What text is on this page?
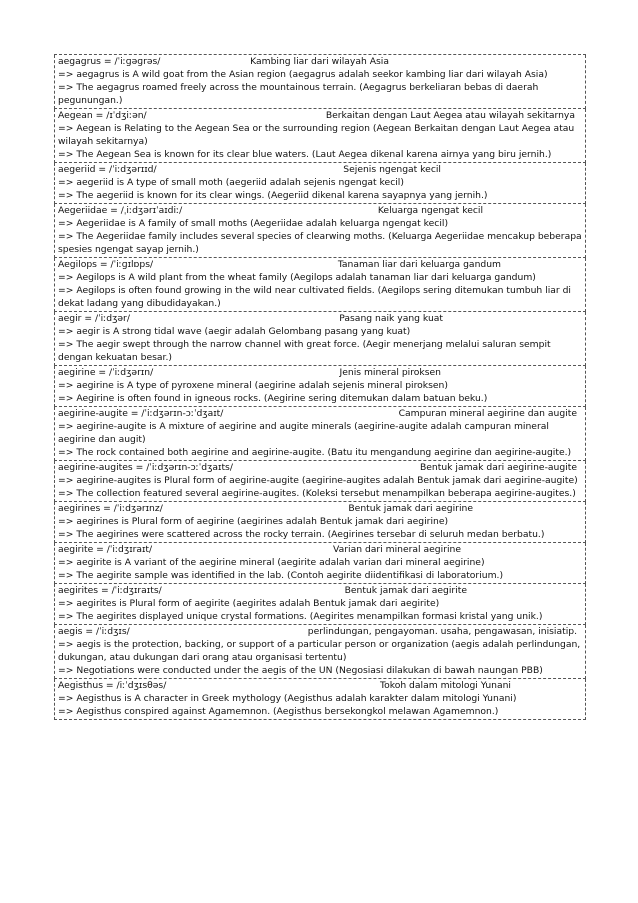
aegagrus = /ˈiːɡəɡrəs/	Kambing liar dari wilayah Asia
=> aegagrus is A wild goat from the Asian region (aegagrus adalah seekor kambing liar dari wilayah Asia)
=> The aegagrus roamed freely across the mountainous terrain. (Aegagrus berkeliaran bebas di daerah pegunungan.)
Aegean = /ɪˈdʒiːən/	Berkaitan dengan Laut Aegea atau wilayah sekitarnya
=> Aegean is Relating to the Aegean Sea or the surrounding region (Aegean Berkaitan dengan Laut Aegea atau wilayah sekitarnya)
=> The Aegean Sea is known for its clear blue waters. (Laut Aegea dikenal karena airnya yang biru jernih.)
aegeriid = /ˈiːdʒərɪɪd/	Sejenis ngengat kecil
=> aegeriid is A type of small moth (aegeriid adalah sejenis ngengat kecil)
=> The aegeriid is known for its clear wings. (Aegeriid dikenal karena sayapnya yang jernih.)
Aegeriidae = /ˌiːdʒərɪˈaɪdiː/	Keluarga ngengat kecil
=> Aegeriidae is A family of small moths (Aegeriidae adalah keluarga ngengat kecil)
=> The Aegeriidae family includes several species of clearwing moths. (Keluarga Aegeriidae mencakup beberapa spesies ngengat sayap jernih.)
Aegilops = /ˈiːɡɪlɒps/	Tanaman liar dari keluarga gandum
=> Aegilops is A wild plant from the wheat family (Aegilops adalah tanaman liar dari keluarga gandum)
=> Aegilops is often found growing in the wild near cultivated fields. (Aegilops sering ditemukan tumbuh liar di dekat ladang yang dibudidayakan.)
aegir = /ˈiːdʒər/	Pasang naik yang kuat
=> aegir is A strong tidal wave (aegir adalah Gelombang pasang yang kuat)
=> The aegir swept through the narrow channel with great force. (Aegir menerjang melalui saluran sempit dengan kekuatan besar.)
aegirine = /ˈiːdʒərɪn/	Jenis mineral piroksen
=> aegirine is A type of pyroxene mineral (aegirine adalah sejenis mineral piroksen)
=> Aegirine is often found in igneous rocks. (Aegirine sering ditemukan dalam batuan beku.)
aegirine-augite = /ˈiːdʒərɪn-ɔːˈdʒaɪt/	Campuran mineral aegirine dan augite
=> aegirine-augite is A mixture of aegirine and augite minerals (aegirine-augite adalah campuran mineral aegirine dan augit)
=> The rock contained both aegirine and aegirine-augite. (Batu itu mengandung aegirine dan aegirine-augite.)
aegirine-augites = /ˈiːdʒərɪn-ɔːˈdʒaɪts/	Bentuk jamak dari aegirine-augite
=> aegirine-augites is Plural form of aegirine-augite (aegirine-augites adalah Bentuk jamak dari aegirine-augite)
=> The collection featured several aegirine-augites. (Koleksi tersebut menampilkan beberapa aegirine-augites.)
aegirines = /ˈiːdʒərɪnz/	Bentuk jamak dari aegirine
=> aegirines is Plural form of aegirine (aegirines adalah Bentuk jamak dari aegirine)
=> The aegirines were scattered across the rocky terrain. (Aegirines tersebar di seluruh medan berbatu.)
aegirite = /ˈiːdʒɪraɪt/	Varian dari mineral aegirine
=> aegirite is A variant of the aegirine mineral (aegirite adalah varian dari mineral aegirine)
=> The aegirite sample was identified in the lab. (Contoh aegirite diidentifikasi di laboratorium.)
aegirites = /ˈiːdʒɪraɪts/	Bentuk jamak dari aegirite
=> aegirites is Plural form of aegirite (aegirites adalah Bentuk jamak dari aegirite)
=> The aegirites displayed unique crystal formations. (Aegirites menampilkan formasi kristal yang unik.)
aegis = /ˈiːdʒɪs/	perlindungan, pengayoman. usaha, pengawasan, inisiatip.
=> aegis is the protection, backing, or support of a particular person or organization (aegis adalah perlindungan, dukungan, atau dukungan dari orang atau organisasi tertentu)
=> Negotiations were conducted under the aegis of the UN (Negosiasi dilakukan di bawah naungan PBB)
Aegisthus = /iːˈdʒɪsθəs/	Tokoh dalam mitologi Yunani
=> Aegisthus is A character in Greek mythology (Aegisthus adalah karakter dalam mitologi Yunani)
=> Aegisthus conspired against Agamemnon. (Aegisthus bersekongkol melawan Agamemnon.)
